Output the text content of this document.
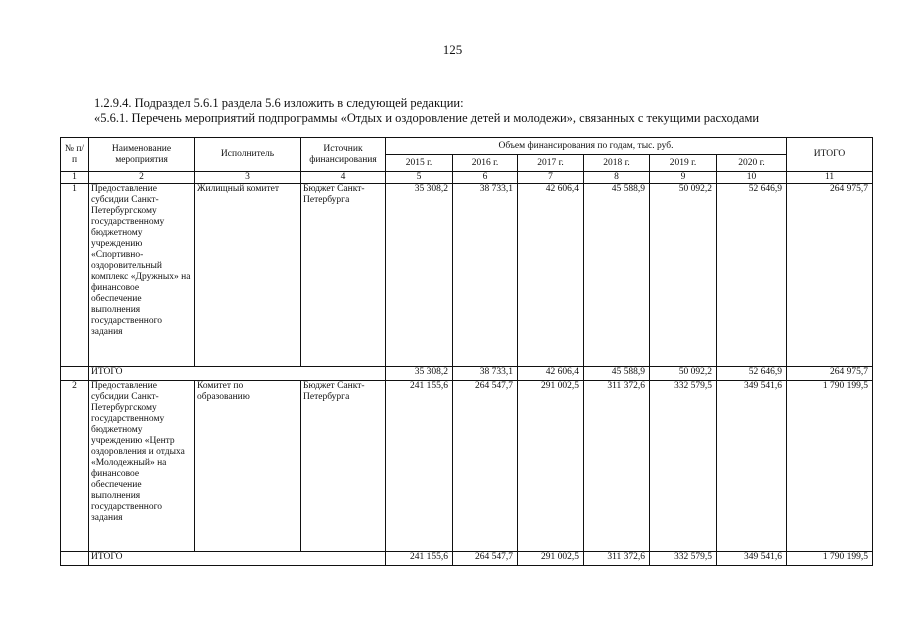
125
1.2.9.4. Подраздел 5.6.1 раздела 5.6 изложить в следующей редакции:
«5.6.1. Перечень мероприятий подпрограммы «Отдых и оздоровление детей и молодежи», связанных с текущими расходами
№ п/п	Наименование мероприятия	Исполнитель	Источник финансирования	Объем финансирования по годам, тыс. руб.						ИТОГО
				2015 г.	2016 г.	2017 г.	2018 г.	2019 г.	2020 г.	
1	2	3	4	5	6	7	8	9	10	11
1	Предоставление субсидии Санкт-Петербургскому государственному бюджетному учреждению «Спортивно-оздоровительный комплекс «Дружных» на финансовое обеспечение выполнения государственного задания	Жилищный комитет	Бюджет Санкт-Петербурга	35 308,2	38 733,1	42 606,4	45 588,9	50 092,2	52 646,9	264 975,7
	ИТОГО			35 308,2	38 733,1	42 606,4	45 588,9	50 092,2	52 646,9	264 975,7
2	Предоставление субсидии Санкт-Петербургскому государственному бюджетному учреждению «Центр оздоровления и отдыха «Молодежный» на финансовое обеспечение выполнения государственного задания	Комитет по образованию	Бюджет Санкт-Петербурга	241 155,6	264 547,7	291 002,5	311 372,6	332 579,5	349 541,6	1 790 199,5
	ИТОГО			241 155,6	264 547,7	291 002,5	311 372,6	332 579,5	349 541,6	1 790 199,5
